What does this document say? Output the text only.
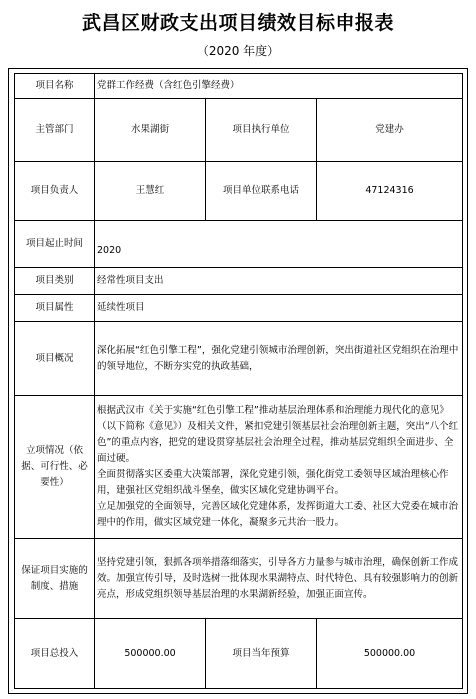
武昌区财政支出项目绩效目标申报表
（2020 年度）
项目名称	党群工作经费（含红色引擎经费）		
主管部门	水果湖街	项目执行单位	党建办
项目负责人	王慧红	项目单位联系电话	47124316
项目起止时间	2020		
项目类别	经常性项目支出		
项目属性	延续性项目		
项目概况	深化拓展“红色引擎工程”，强化党建引领城市治理创新，突出街道社区党组织在治理中的领导地位，不断夯实党的执政基础，		
立项情况（依据、可行性、必要性）	根据武汉市《关于实施“红色引擎工程”推动基层治理体系和治理能力现代化的意见》（以下简称《意见》）及相关文件，紧扣党建引领基层社会治理创新主题，突出“八个红色”的重点内容，把党的建设贯穿基层社会治理全过程，推动基层党组织全面进步、全面过硬。
全面贯彻落实区委重大决策部署，深化党建引领，强化街党工委领导区域治理核心作用，建强社区党组织战斗堡垒，做实区域化党建协调平台。
立足加强党的全面领导，完善区域化党建体系，发挥街道大工委、社区大党委在城市治理中的作用，做实区域党建一体化，凝聚多元共治一股力。		

保证项目实施的制度、措施	坚持党建引领，狠抓各项举措落细落实，引导各方力量参与城市治理，确保创新工作成效。加强宣传引导，及时选树一批体现水果湖特点、时代特色、具有较强影响力的创新亮点，形成党组织领导基层治理的水果湖新经验，加强正面宣传。		
项目总投入	500000.00	项目当年预算	500000.00
